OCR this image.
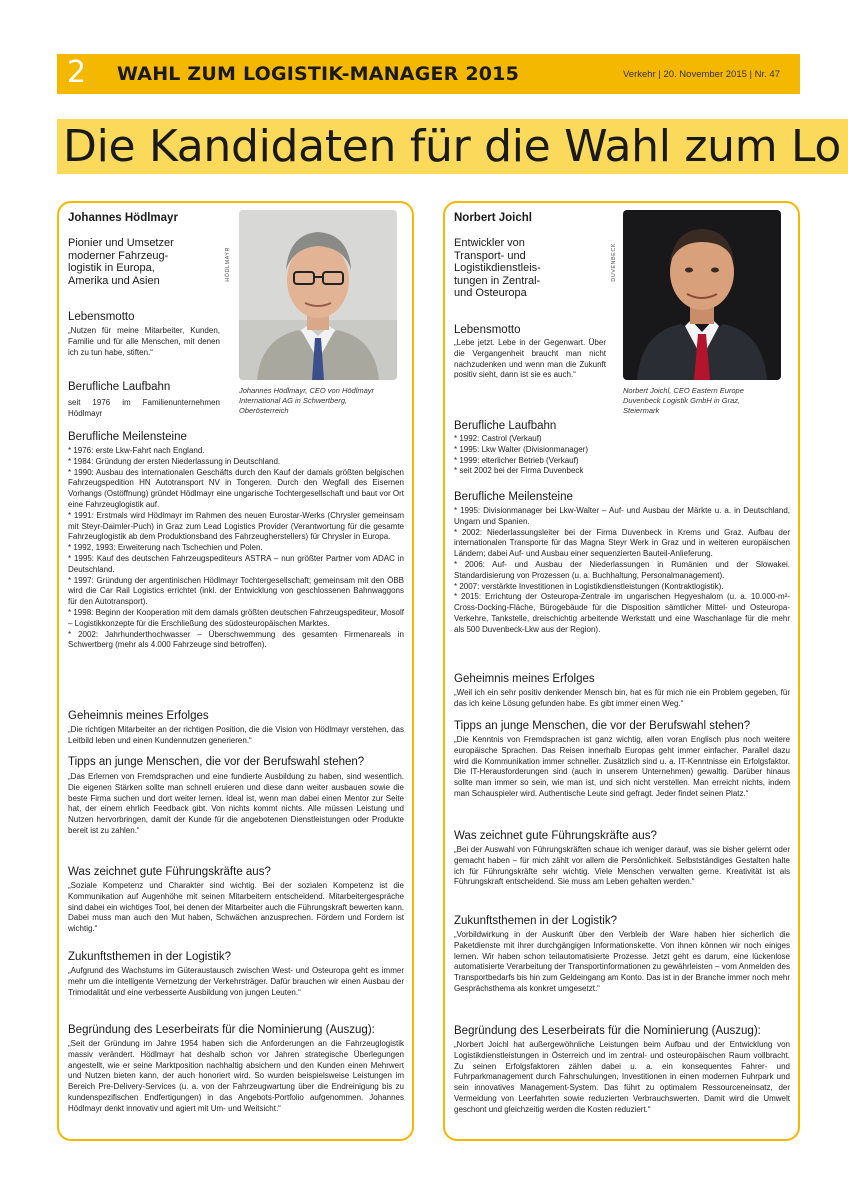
2 WAHL ZUM LOGISTIK-MANAGER 2015	Verkehr | 20. November 2015 | Nr. 47
Die Kandidaten für die Wahl zum Lo
Johannes Hödlmayr
Pionier und Umsetzer
moderner Fahrzeug-
logistik in Europa,
Amerika und Asien	HÖDLMAYR
Johannes Hödlmayr, CEO von Hödlmayr
International AG in Schwertberg,
Oberösterreich
Lebensmotto
„Nutzen für meine Mitarbeiter, Kunden, Familie und für alle Menschen, mit denen ich zu tun habe, stiften.“
Berufliche Laufbahn
seit 1976 im Familienunternehmen Hödlmayr
Berufliche Meilensteine
* 1976: erste Lkw-Fahrt nach England.
* 1984: Gründung der ersten Niederlassung in Deutschland.
* 1990: Ausbau des internationalen Geschäfts durch den Kauf der damals größten belgischen Fahrzeugspedition HN Autotransport NV in Tongeren. Durch den Wegfall des Eisernen Vorhangs (Ostöffnung) gründet Hödlmayr eine ungarische Tochtergesellschaft und baut vor Ort eine Fahrzeuglogistik auf.
* 1991: Erstmals wird Hödlmayr im Rahmen des neuen Eurostar-Werks (Chrysler gemeinsam mit Steyr-Daimler-Puch) in Graz zum Lead Logistics Provider (Verantwortung für die gesamte Fahrzeuglogistik ab dem Produktionsband des Fahrzeugherstellers) für Chrysler in Europa.
* 1992, 1993: Erweiterung nach Tschechien und Polen.
* 1995: Kauf des deutschen Fahrzeugspediteurs ASTRA – nun größter Partner vom ADAC in Deutschland.
* 1997: Gründung der argentinischen Hödlmayr Tochtergesellschaft; gemeinsam mit den ÖBB wird die Car Rail Logistics errichtet (inkl. der Entwicklung von geschlossenen Bahnwaggons für den Autotransport).
* 1998: Beginn der Kooperation mit dem damals größten deutschen Fahrzeugspediteur, Mosolf – Logistikkonzepte für die Erschließung des südosteuropäischen Marktes.
* 2002: Jahrhunderthochwasser – Überschwemmung des gesamten Firmenareals in Schwertberg (mehr als 4.000 Fahrzeuge sind betroffen).
Geheimnis meines Erfolges
„Die richtigen Mitarbeiter an der richtigen Position, die die Vision von Hödlmayr verstehen, das Leitbild leben und einen Kundennutzen generieren.“
Tipps an junge Menschen, die vor der Berufswahl stehen?
„Das Erlernen von Fremdsprachen und eine fundierte Ausbildung zu haben, sind wesentlich. Die eigenen Stärken sollte man schnell eruieren und diese dann weiter ausbauen sowie die beste Firma suchen und dort weiter lernen. Ideal ist, wenn man dabei einen Mentor zur Seite hat, der einem ehrlich Feedback gibt. Von nichts kommt nichts. Alle müssen Leistung und Nutzen hervorbringen, damit der Kunde für die angebotenen Dienstleistungen oder Produkte bereit ist zu zahlen.“
Was zeichnet gute Führungskräfte aus?
„Soziale Kompetenz und Charakter sind wichtig. Bei der sozialen Kompetenz ist die Kommunikation auf Augenhöhe mit seinen Mitarbeitern entscheidend. Mitarbeitergespräche sind dabei ein wichtiges Tool, bei denen der Mitarbeiter auch die Führungskraft bewerten kann. Dabei muss man auch den Mut haben, Schwächen anzusprechen. Fördern und Fordern ist wichtig.“
Zukunftsthemen in der Logistik?
„Aufgrund des Wachstums im Güteraustausch zwischen West- und Osteuropa geht es immer mehr um die intelligente Vernetzung der Verkehrsträger. Dafür brauchen wir einen Ausbau der Trimodalität und eine verbesserte Ausbildung von jungen Leuten.“
Begründung des Leserbeirats für die Nominierung (Auszug):
„Seit der Gründung im Jahre 1954 haben sich die Anforderungen an die Fahrzeuglogistik massiv verändert. Hödlmayr hat deshalb schon vor Jahren strategische Überlegungen angestellt, wie er seine Marktposition nachhaltig absichern und den Kunden einen Mehrwert und Nutzen bieten kann, der auch honoriert wird. So wurden beispielsweise Leistungen im Bereich Pre-Delivery-Services (u. a. von der Fahrzeugwartung über die Endreinigung bis zu kundenspezifischen Endfertigungen) in das Angebots-Portfolio aufgenommen. Johannes Hödlmayr denkt innovativ und agiert mit Um- und Weitsicht.“
Norbert Joichl
Entwickler von
Transport- und
Logistikdienstleis-
tungen in Zentral-
und Osteuropa
DUVENBECK
Norbert Joichl, CEO Eastern Europe
Duvenbeck Logistik GmbH in Graz,
Steiermark
Lebensmotto
„Lebe jetzt. Lebe in der Gegenwart. Über die Vergangenheit braucht man nicht nachzudenken und wenn man die Zukunft positiv sieht, dann ist sie es auch.“
Berufliche Laufbahn
* 1992: Castrol (Verkauf)
* 1995: Lkw Walter (Divisionmanager)
* 1999: elterlicher Betrieb (Verkauf)
* seit 2002 bei der Firma Duvenbeck
Berufliche Meilensteine
* 1995: Divisionmanager bei Lkw-Walter – Auf- und Ausbau der Märkte u. a. in Deutschland, Ungarn und Spanien.
* 2002: Niederlassungsleiter bei der Firma Duvenbeck in Krems und Graz. Aufbau der internationalen Transporte für das Magna Steyr Werk in Graz und in weiteren europäischen Ländern; dabei Auf- und Ausbau einer sequenzierten Bauteil-Anlieferung.
* 2006: Auf- und Ausbau der Niederlassungen in Rumänien und der Slowakei. Standardisierung von Prozessen (u. a. Buchhaltung, Personalmanagement).
* 2007: verstärkte Investitionen in Logistikdienstleistungen (Kontraktlogistik).
* 2015: Errichtung der Osteuropa-Zentrale im ungarischen Hegyeshalom (u. a. 10.000-m²-Cross-Docking-Fläche, Bürogebäude für die Disposition sämtlicher Mittel- und Osteuropa-Verkehre, Tankstelle, dreischichtig arbeitende Werkstatt und eine Waschanlage für die mehr als 500 Duvenbeck-Lkw aus der Region).
Geheimnis meines Erfolges
„Weil ich ein sehr positiv denkender Mensch bin, hat es für mich nie ein Problem gegeben, für das ich keine Lösung gefunden habe. Es gibt immer einen Weg.“
Tipps an junge Menschen, die vor der Berufswahl stehen?
„Die Kenntnis von Fremdsprachen ist ganz wichtig, allen voran Englisch plus noch weitere europäische Sprachen. Das Reisen innerhalb Europas geht immer einfacher. Parallel dazu wird die Kommunikation immer schneller. Zusätzlich sind u. a. IT-Kenntnisse ein Erfolgsfaktor. Die IT-Herausforderungen sind (auch in unserem Unternehmen) gewaltig. Darüber hinaus sollte man immer so sein, wie man ist, und sich nicht verstellen. Man erreicht nichts, indem man Schauspieler wird. Authentische Leute sind gefragt. Jeder findet seinen Platz.“
Was zeichnet gute Führungskräfte aus?
„Bei der Auswahl von Führungskräften schaue ich weniger darauf, was sie bisher gelernt oder gemacht haben – für mich zählt vor allem die Persönlichkeit. Selbstständiges Gestalten halte ich für Führungskräfte sehr wichtig. Viele Menschen verwalten gerne. Kreativität ist als Führungskraft entscheidend. Sie muss am Leben gehalten werden.“
Zukunftsthemen in der Logistik?
„Vorbildwirkung in der Auskunft über den Verbleib der Ware haben hier sicherlich die Paketdienste mit ihrer durchgängigen Informationskette. Von ihnen können wir noch einiges lernen. Wir haben schon teilautomatisierte Prozesse. Jetzt geht es darum, eine lückenlose automatisierte Verarbeitung der Transportinformationen zu gewährleisten – vom Anmelden des Transportbedarfs bis hin zum Geldeingang am Konto. Das ist in der Branche immer noch mehr Gesprächsthema als konkret umgesetzt.“
Begründung des Leserbeirats für die Nominierung (Auszug):
„Norbert Joichl hat außergewöhnliche Leistungen beim Aufbau und der Entwicklung von Logistikdienstleistungen in Österreich und im zentral- und osteuropäischen Raum vollbracht. Zu seinen Erfolgsfaktoren zählen dabei u. a. ein konsequentes Fahrer- und Fuhrparkmanagement durch Fahrschulungen, Investitionen in einen modernen Fuhrpark und sein innovatives Management-System. Das führt zu optimalem Ressourceneinsatz, der Vermeidung von Leerfahrten sowie reduzierten Verbrauchswerten. Damit wird die Umwelt geschont und gleichzeitig werden die Kosten reduziert.“
